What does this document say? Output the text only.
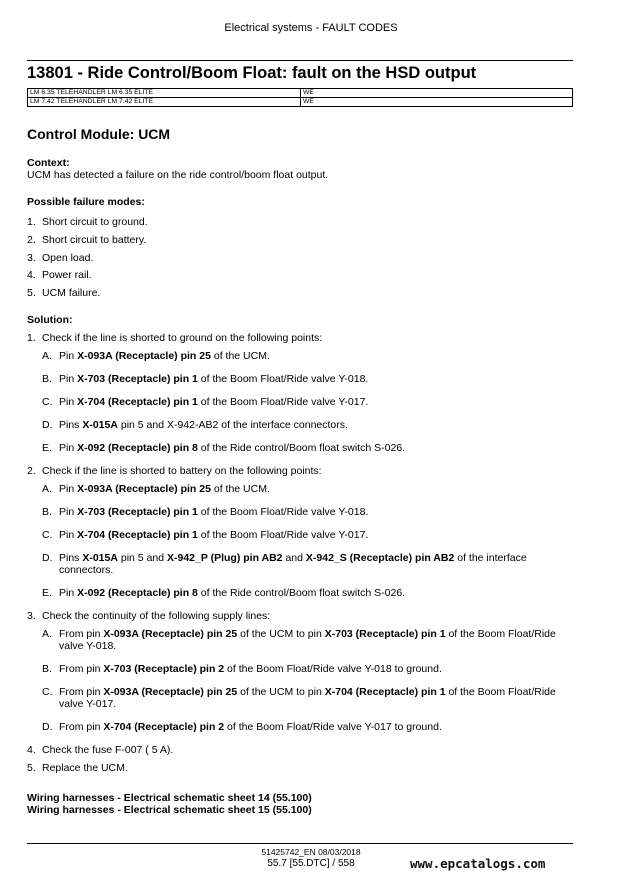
Electrical systems - FAULT CODES
13801 - Ride Control/Boom Float: fault on the HSD output
LM 6.35 TELEHANDLER LM 6.35 ELITE	WE
LM 7.42 TELEHANDLER LM 7.42 ELITE	WE
Control Module: UCM
Context:
UCM has detected a failure on the ride control/boom float output.
Possible failure modes:
1. Short circuit to ground.
2. Short circuit to battery.
3. Open load.
4. Power rail.
5. UCM failure.
Solution:
1. Check if the line is shorted to ground on the following points:
A. Pin X-093A (Receptacle) pin 25 of the UCM.
B. Pin X-703 (Receptacle) pin 1 of the Boom Float/Ride valve Y-018.
C. Pin X-704 (Receptacle) pin 1 of the Boom Float/Ride valve Y-017.
D. Pins X-015A pin 5 and X-942-AB2 of the interface connectors.
E. Pin X-092 (Receptacle) pin 8 of the Ride control/Boom float switch S-026.
2. Check if the line is shorted to battery on the following points:
A. Pin X-093A (Receptacle) pin 25 of the UCM.
B. Pin X-703 (Receptacle) pin 1 of the Boom Float/Ride valve Y-018.
C. Pin X-704 (Receptacle) pin 1 of the Boom Float/Ride valve Y-017.
D. Pins X-015A pin 5 and X-942_P (Plug) pin AB2 and X-942_S (Receptacle) pin AB2 of the interface connectors.
E. Pin X-092 (Receptacle) pin 8 of the Ride control/Boom float switch S-026.
3. Check the continuity of the following supply lines:
A. From pin X-093A (Receptacle) pin 25 of the UCM to pin X-703 (Receptacle) pin 1 of the Boom Float/Ride valve Y-018.
B. From pin X-703 (Receptacle) pin 2 of the Boom Float/Ride valve Y-018 to ground.
C. From pin X-093A (Receptacle) pin 25 of the UCM to pin X-704 (Receptacle) pin 1 of the Boom Float/Ride valve Y-017.
D. From pin X-704 (Receptacle) pin 2 of the Boom Float/Ride valve Y-017 to ground.
4. Check the fuse F-007 ( 5 A).
5. Replace the UCM.
Wiring harnesses - Electrical schematic sheet 14 (55.100)
Wiring harnesses - Electrical schematic sheet 15 (55.100)
51425742_EN 08/03/2018
55.7 [55.DTC] / 558	www.epcatalogs.com
